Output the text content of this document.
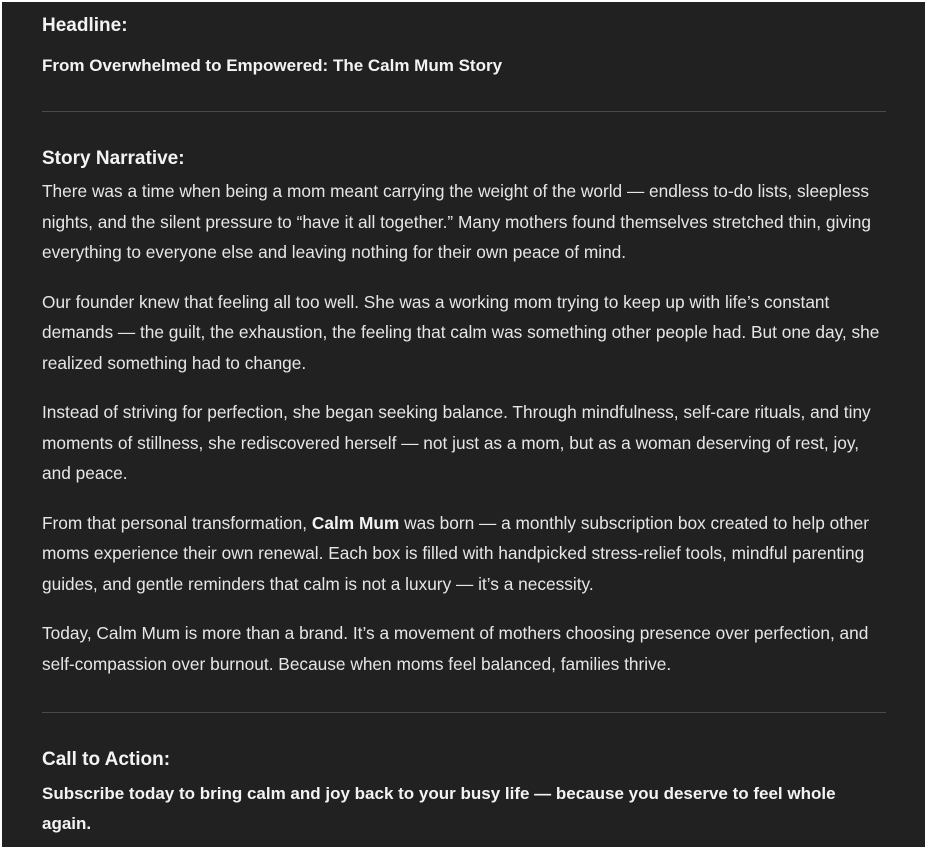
Headline:

From Overwhelmed to Empowered: The Calm Mum Story

Story Narrative:

There was a time when being a mom meant carrying the weight of the world — endless to-do lists, sleepless nights, and the silent pressure to “have it all together.” Many mothers found themselves stretched thin, giving everything to everyone else and leaving nothing for their own peace of mind.

Our founder knew that feeling all too well. She was a working mom trying to keep up with life’s constant demands — the guilt, the exhaustion, the feeling that calm was something other people had. But one day, she realized something had to change.

Instead of striving for perfection, she began seeking balance. Through mindfulness, self-care rituals, and tiny moments of stillness, she rediscovered herself — not just as a mom, but as a woman deserving of rest, joy, and peace.

From that personal transformation, Calm Mum was born — a monthly subscription box created to help other moms experience their own renewal. Each box is filled with handpicked stress-relief tools, mindful parenting guides, and gentle reminders that calm is not a luxury — it’s a necessity.

Today, Calm Mum is more than a brand. It’s a movement of mothers choosing presence over perfection, and self-compassion over burnout. Because when moms feel balanced, families thrive.

Call to Action:

Subscribe today to bring calm and joy back to your busy life — because you deserve to feel whole again.
